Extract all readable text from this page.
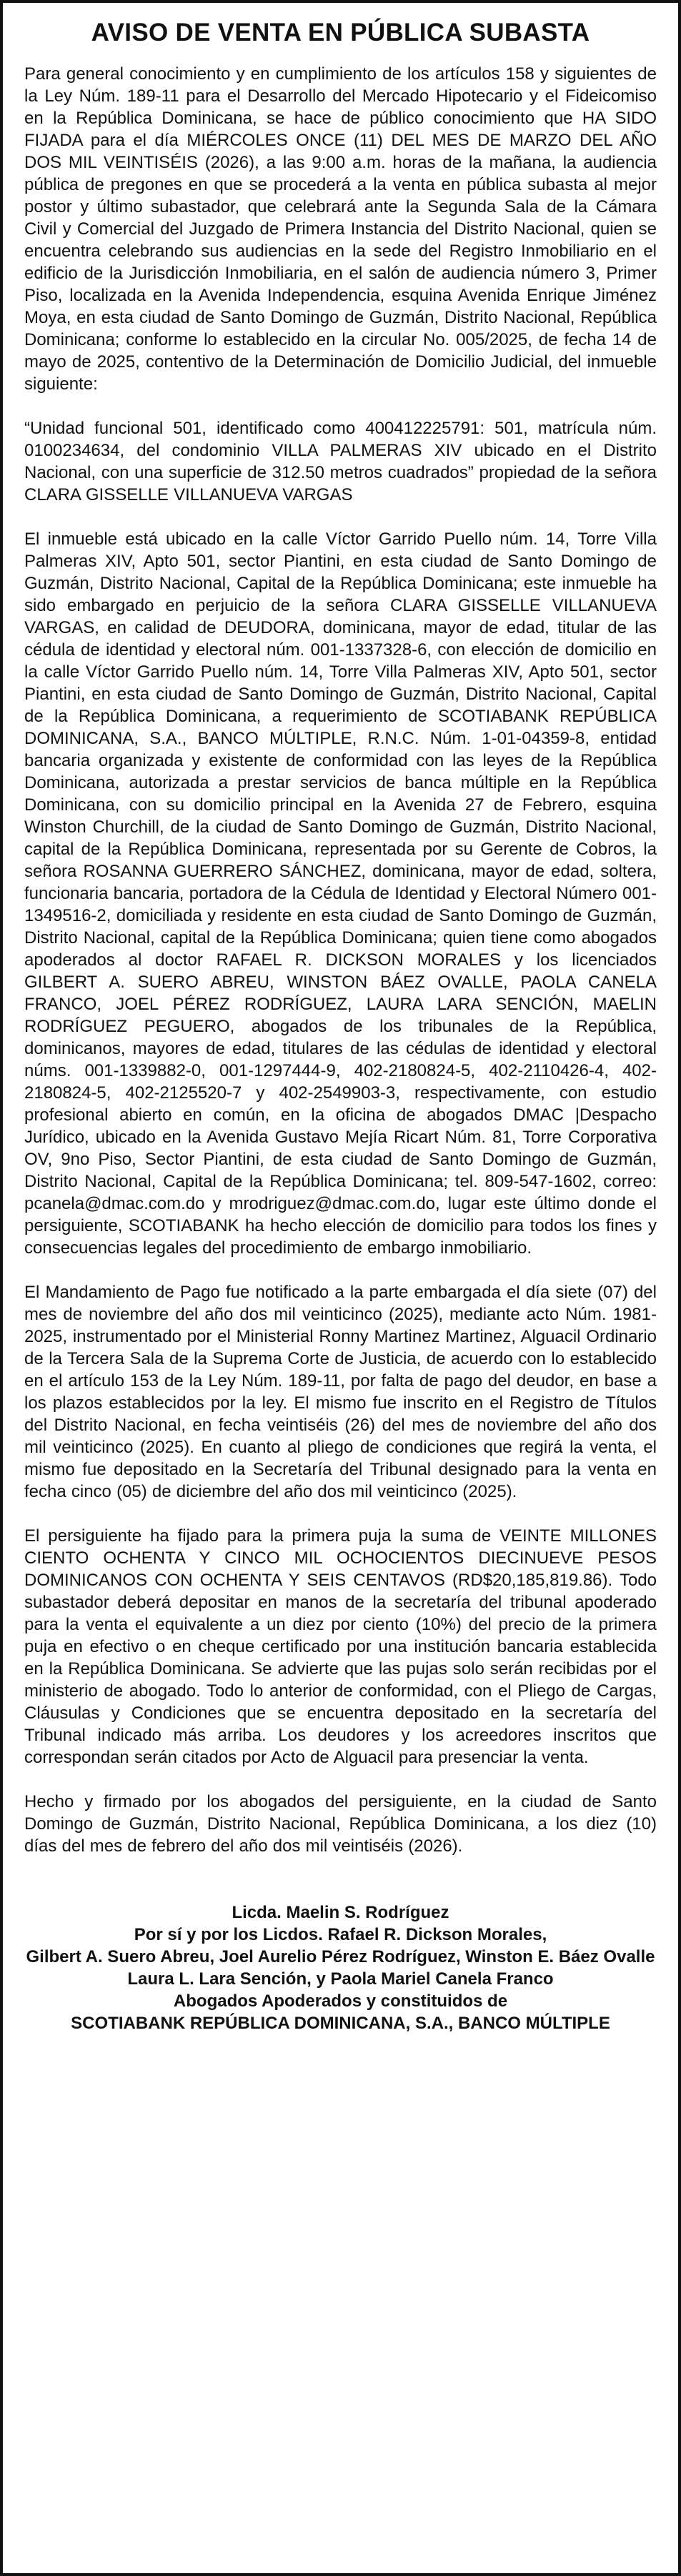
AVISO DE VENTA EN PÚBLICA SUBASTA

Para general conocimiento y en cumplimiento de los artículos 158 y siguientes de la Ley Núm. 189-11 para el Desarrollo del Mercado Hipotecario y el Fideicomiso en la República Dominicana, se hace de público conocimiento que HA SIDO FIJADA para el día MIÉRCOLES ONCE (11) DEL MES DE MARZO DEL AÑO DOS MIL VEINTISÉIS (2026), a las 9:00 a.m. horas de la mañana, la audiencia pública de pregones en que se procederá a la venta en pública subasta al mejor postor y último subastador, que celebrará ante la Segunda Sala de la Cámara Civil y Comercial del Juzgado de Primera Instancia del Distrito Nacional, quien se encuentra celebrando sus audiencias en la sede del Registro Inmobiliario en el edificio de la Jurisdicción Inmobiliaria, en el salón de audiencia número 3, Primer Piso, localizada en la Avenida Independencia, esquina Avenida Enrique Jiménez Moya, en esta ciudad de Santo Domingo de Guzmán, Distrito Nacional, República Dominicana; conforme lo establecido en la circular No. 005/2025, de fecha 14 de mayo de 2025, contentivo de la Determinación de Domicilio Judicial, del inmueble siguiente:

“Unidad funcional 501, identificado como 400412225791: 501, matrícula núm. 0100234634, del condominio VILLA PALMERAS XIV ubicado en el Distrito Nacional, con una superficie de 312.50 metros cuadrados” propiedad de la señora CLARA GISSELLE VILLANUEVA VARGAS

El inmueble está ubicado en la calle Víctor Garrido Puello núm. 14, Torre Villa Palmeras XIV, Apto 501, sector Piantini, en esta ciudad de Santo Domingo de Guzmán, Distrito Nacional, Capital de la República Dominicana; este inmueble ha sido embargado en perjuicio de la señora CLARA GISSELLE VILLANUEVA VARGAS, en calidad de DEUDORA, dominicana, mayor de edad, titular de las cédula de identidad y electoral núm. 001-1337328-6, con elección de domicilio en la calle Víctor Garrido Puello núm. 14, Torre Villa Palmeras XIV, Apto 501, sector Piantini, en esta ciudad de Santo Domingo de Guzmán, Distrito Nacional, Capital de la República Dominicana, a requerimiento de SCOTIABANK REPÚBLICA DOMINICANA, S.A., BANCO MÚLTIPLE, R.N.C. Núm. 1-01-04359-8, entidad bancaria organizada y existente de conformidad con las leyes de la República Dominicana, autorizada a prestar servicios de banca múltiple en la República Dominicana, con su domicilio principal en la Avenida 27 de Febrero, esquina Winston Churchill, de la ciudad de Santo Domingo de Guzmán, Distrito Nacional, capital de la República Dominicana, representada por su Gerente de Cobros, la señora ROSANNA GUERRERO SÁNCHEZ, dominicana, mayor de edad, soltera, funcionaria bancaria, portadora de la Cédula de Identidad y Electoral Número 001-1349516-2, domiciliada y residente en esta ciudad de Santo Domingo de Guzmán, Distrito Nacional, capital de la República Dominicana; quien tiene como abogados apoderados al doctor RAFAEL R. DICKSON MORALES y los licenciados GILBERT A. SUERO ABREU, WINSTON BÁEZ OVALLE, PAOLA CANELA FRANCO, JOEL PÉREZ RODRÍGUEZ, LAURA LARA SENCIÓN, MAELIN RODRÍGUEZ PEGUERO, abogados de los tribunales de la República, dominicanos, mayores de edad, titulares de las cédulas de identidad y electoral núms. 001-1339882-0, 001-1297444-9, 402-2180824-5, 402-2110426-4, 402-2180824-5, 402-2125520-7 y 402-2549903-3, respectivamente, con estudio profesional abierto en común, en la oficina de abogados DMAC |Despacho Jurídico, ubicado en la Avenida Gustavo Mejía Ricart Núm. 81, Torre Corporativa OV, 9no Piso, Sector Piantini, de esta ciudad de Santo Domingo de Guzmán, Distrito Nacional, Capital de la República Dominicana; tel. 809-547-1602, correo: pcanela@dmac.com.do y mrodriguez@dmac.com.do, lugar este último donde el persiguiente, SCOTIABANK ha hecho elección de domicilio para todos los fines y consecuencias legales del procedimiento de embargo inmobiliario.

El Mandamiento de Pago fue notificado a la parte embargada el día siete (07) del mes de noviembre del año dos mil veinticinco (2025), mediante acto Núm. 1981-2025, instrumentado por el Ministerial Ronny Martinez Martinez, Alguacil Ordinario de la Tercera Sala de la Suprema Corte de Justicia, de acuerdo con lo establecido en el artículo 153 de la Ley Núm. 189-11, por falta de pago del deudor, en base a los plazos establecidos por la ley. El mismo fue inscrito en el Registro de Títulos del Distrito Nacional, en fecha veintiséis (26) del mes de noviembre del año dos mil veinticinco (2025). En cuanto al pliego de condiciones que regirá la venta, el mismo fue depositado en la Secretaría del Tribunal designado para la venta en fecha cinco (05) de diciembre del año dos mil veinticinco (2025).

El persiguiente ha fijado para la primera puja la suma de VEINTE MILLONES CIENTO OCHENTA Y CINCO MIL OCHOCIENTOS DIECINUEVE PESOS DOMINICANOS CON OCHENTA Y SEIS CENTAVOS (RD$20,185,819.86). Todo subastador deberá depositar en manos de la secretaría del tribunal apoderado para la venta el equivalente a un diez por ciento (10%) del precio de la primera puja en efectivo o en cheque certificado por una institución bancaria establecida en la República Dominicana. Se advierte que las pujas solo serán recibidas por el ministerio de abogado. Todo lo anterior de conformidad, con el Pliego de Cargas, Cláusulas y Condiciones que se encuentra depositado en la secretaría del Tribunal indicado más arriba. Los deudores y los acreedores inscritos que correspondan serán citados por Acto de Alguacil para presenciar la venta.

Hecho y firmado por los abogados del persiguiente, en la ciudad de Santo Domingo de Guzmán, Distrito Nacional, República Dominicana, a los diez (10) días del mes de febrero del año dos mil veintiséis (2026).

Licda. Maelin S. Rodríguez
Por sí y por los Licdos. Rafael R. Dickson Morales,
Gilbert A. Suero Abreu, Joel Aurelio Pérez Rodríguez, Winston E. Báez Ovalle
Laura L. Lara Sención, y Paola Mariel Canela Franco
Abogados Apoderados y constituidos de
SCOTIABANK REPÚBLICA DOMINICANA, S.A., BANCO MÚLTIPLE
